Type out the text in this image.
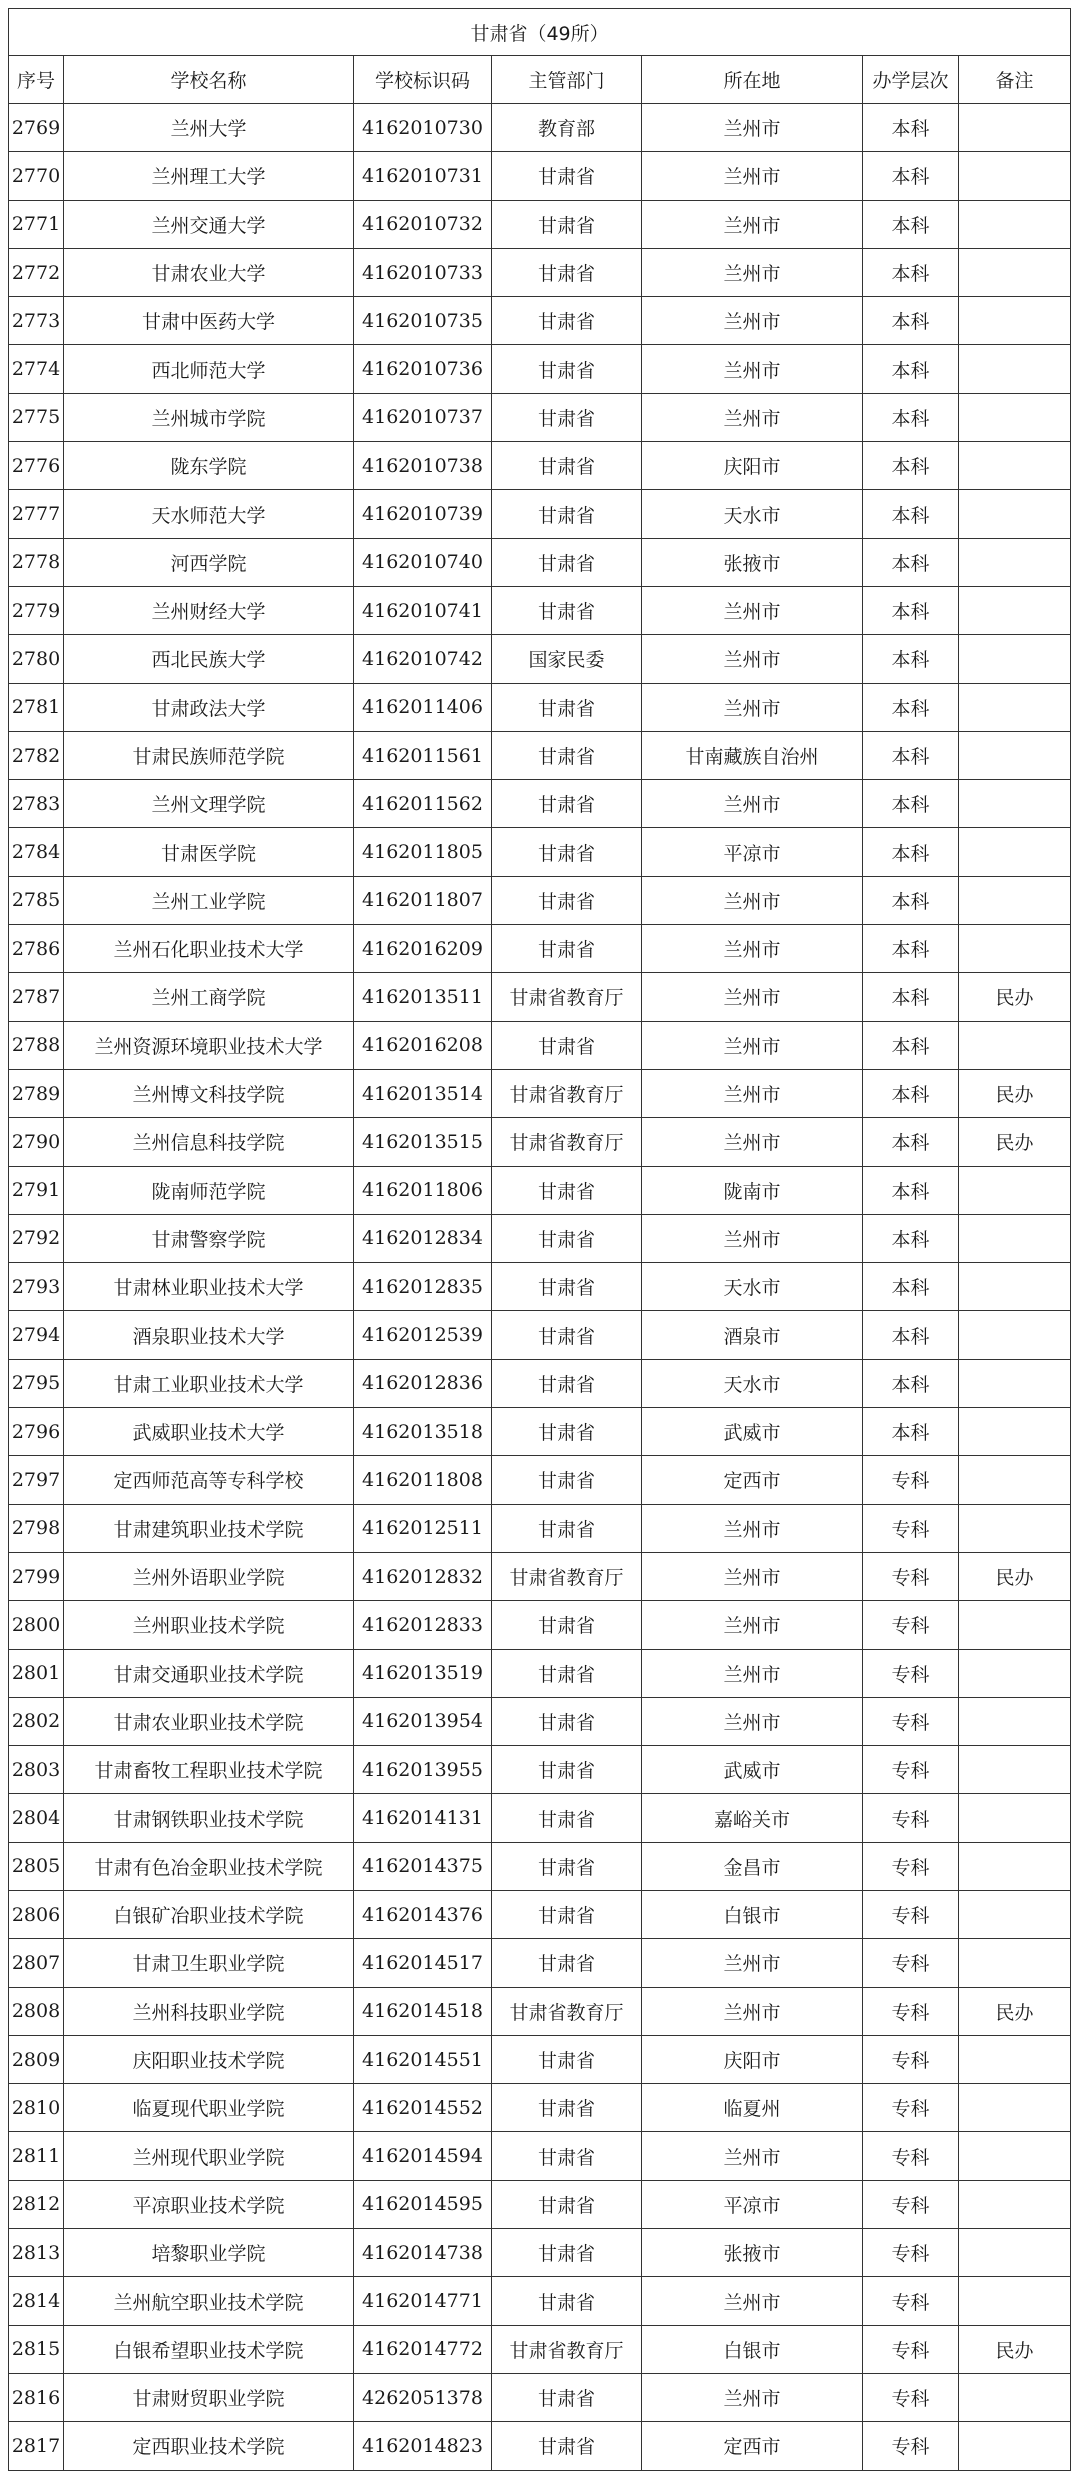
甘肃省（49所）						
序号	学校名称	学校标识码	主管部门	所在地	办学层次	备注
2769	兰州大学	4162010730	教育部	兰州市	本科	
2770	兰州理工大学	4162010731	甘肃省	兰州市	本科	
2771	兰州交通大学	4162010732	甘肃省	兰州市	本科	
2772	甘肃农业大学	4162010733	甘肃省	兰州市	本科	
2773	甘肃中医药大学	4162010735	甘肃省	兰州市	本科	
2774	西北师范大学	4162010736	甘肃省	兰州市	本科	
2775	兰州城市学院	4162010737	甘肃省	兰州市	本科	
2776	陇东学院	4162010738	甘肃省	庆阳市	本科	
2777	天水师范大学	4162010739	甘肃省	天水市	本科	
2778	河西学院	4162010740	甘肃省	张掖市	本科	
2779	兰州财经大学	4162010741	甘肃省	兰州市	本科	
2780	西北民族大学	4162010742	国家民委	兰州市	本科	
2781	甘肃政法大学	4162011406	甘肃省	兰州市	本科	
2782	甘肃民族师范学院	4162011561	甘肃省	甘南藏族自治州	本科	
2783	兰州文理学院	4162011562	甘肃省	兰州市	本科	
2784	甘肃医学院	4162011805	甘肃省	平凉市	本科	
2785	兰州工业学院	4162011807	甘肃省	兰州市	本科	
2786	兰州石化职业技术大学	4162016209	甘肃省	兰州市	本科	
2787	兰州工商学院	4162013511	甘肃省教育厅	兰州市	本科	民办
2788	兰州资源环境职业技术大学	4162016208	甘肃省	兰州市	本科	
2789	兰州博文科技学院	4162013514	甘肃省教育厅	兰州市	本科	民办
2790	兰州信息科技学院	4162013515	甘肃省教育厅	兰州市	本科	民办
2791	陇南师范学院	4162011806	甘肃省	陇南市	本科	
2792	甘肃警察学院	4162012834	甘肃省	兰州市	本科	
2793	甘肃林业职业技术大学	4162012835	甘肃省	天水市	本科	
2794	酒泉职业技术大学	4162012539	甘肃省	酒泉市	本科	
2795	甘肃工业职业技术大学	4162012836	甘肃省	天水市	本科	
2796	武威职业技术大学	4162013518	甘肃省	武威市	本科	
2797	定西师范高等专科学校	4162011808	甘肃省	定西市	专科	
2798	甘肃建筑职业技术学院	4162012511	甘肃省	兰州市	专科	
2799	兰州外语职业学院	4162012832	甘肃省教育厅	兰州市	专科	民办
2800	兰州职业技术学院	4162012833	甘肃省	兰州市	专科	
2801	甘肃交通职业技术学院	4162013519	甘肃省	兰州市	专科	
2802	甘肃农业职业技术学院	4162013954	甘肃省	兰州市	专科	
2803	甘肃畜牧工程职业技术学院	4162013955	甘肃省	武威市	专科	
2804	甘肃钢铁职业技术学院	4162014131	甘肃省	嘉峪关市	专科	
2805	甘肃有色冶金职业技术学院	4162014375	甘肃省	金昌市	专科	
2806	白银矿冶职业技术学院	4162014376	甘肃省	白银市	专科	
2807	甘肃卫生职业学院	4162014517	甘肃省	兰州市	专科	
2808	兰州科技职业学院	4162014518	甘肃省教育厅	兰州市	专科	民办
2809	庆阳职业技术学院	4162014551	甘肃省	庆阳市	专科	
2810	临夏现代职业学院	4162014552	甘肃省	临夏州	专科	
2811	兰州现代职业学院	4162014594	甘肃省	兰州市	专科	
2812	平凉职业技术学院	4162014595	甘肃省	平凉市	专科	
2813	培黎职业学院	4162014738	甘肃省	张掖市	专科	
2814	兰州航空职业技术学院	4162014771	甘肃省	兰州市	专科	
2815	白银希望职业技术学院	4162014772	甘肃省教育厅	白银市	专科	民办
2816	甘肃财贸职业学院	4262051378	甘肃省	兰州市	专科	
2817	定西职业技术学院	4162014823	甘肃省	定西市	专科	
